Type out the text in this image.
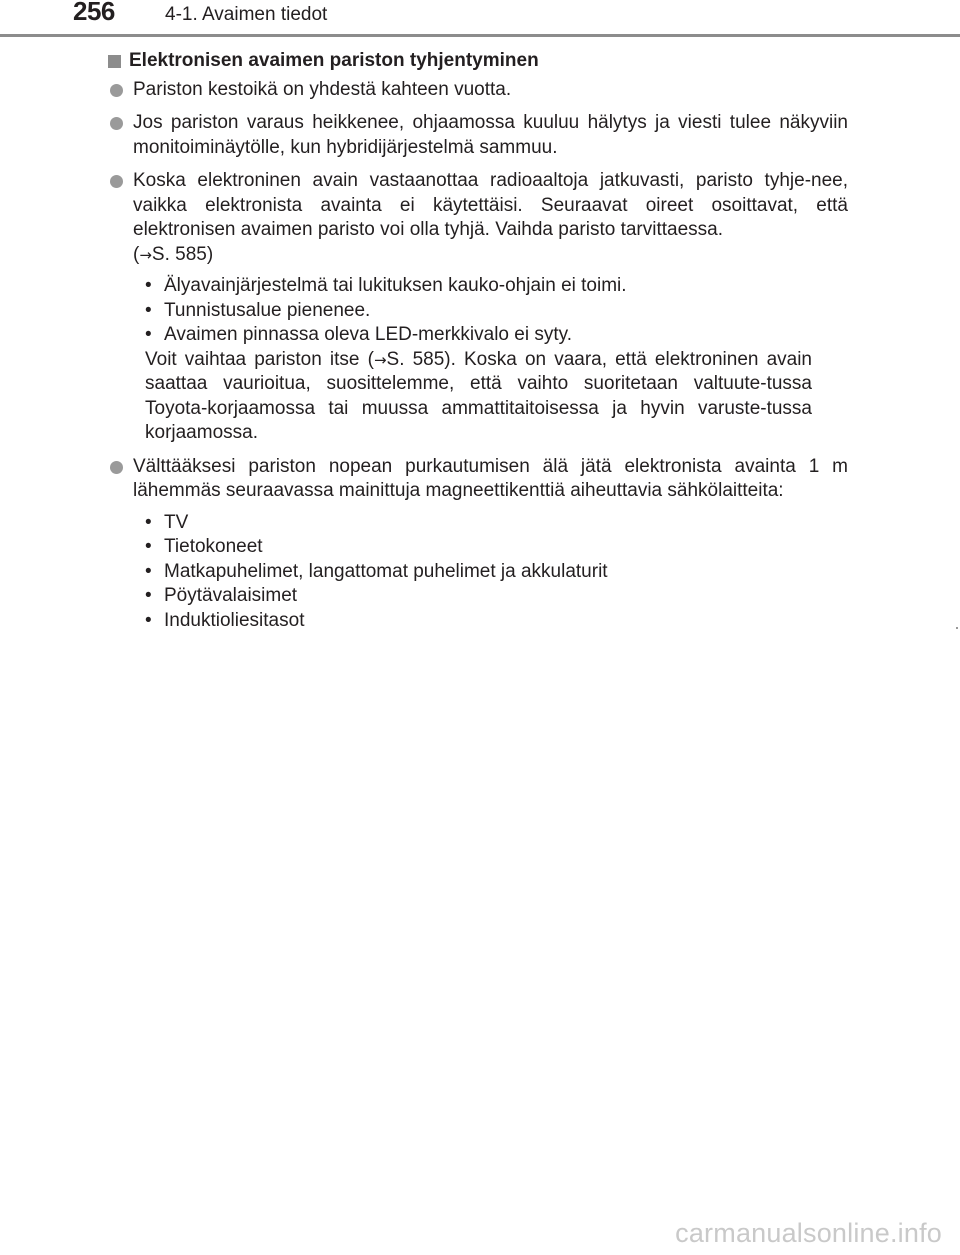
256	4-1. Avaimen tiedot
Elektronisen avaimen pariston tyhjentyminen
Pariston kestoikä on yhdestä kahteen vuotta.
Jos pariston varaus heikkenee, ohjaamossa kuuluu hälytys ja viesti tulee näkyviin monitoiminäytölle, kun hybridijärjestelmä sammuu.
Koska elektroninen avain vastaanottaa radioaaltoja jatkuvasti, paristo tyhje-nee, vaikka elektronista avainta ei käytettäisi. Seuraavat oireet osoittavat, että elektronisen avaimen paristo voi olla tyhjä. Vaihda paristo tarvittaessa.
(→S. 585)
• Älyavainjärjestelmä tai lukituksen kauko-ohjain ei toimi.
• Tunnistusalue pienenee.
• Avaimen pinnassa oleva LED-merkkivalo ei syty.
Voit vaihtaa pariston itse (→S. 585). Koska on vaara, että elektroninen avain saattaa vaurioitua, suosittelemme, että vaihto suoritetaan valtuute-tussa Toyota-korjaamossa tai muussa ammattitaitoisessa ja hyvin varuste-tussa korjaamossa.
Välttääksesi pariston nopean purkautumisen älä jätä elektronista avainta 1 m lähemmäs seuraavassa mainittuja magneettikenttiä aiheuttavia sähkölaitteita:
• TV
• Tietokoneet
• Matkapuhelimet, langattomat puhelimet ja akkulaturit
• Pöytävalaisimet
• Induktioliesitasot
carmanualsonline.info
